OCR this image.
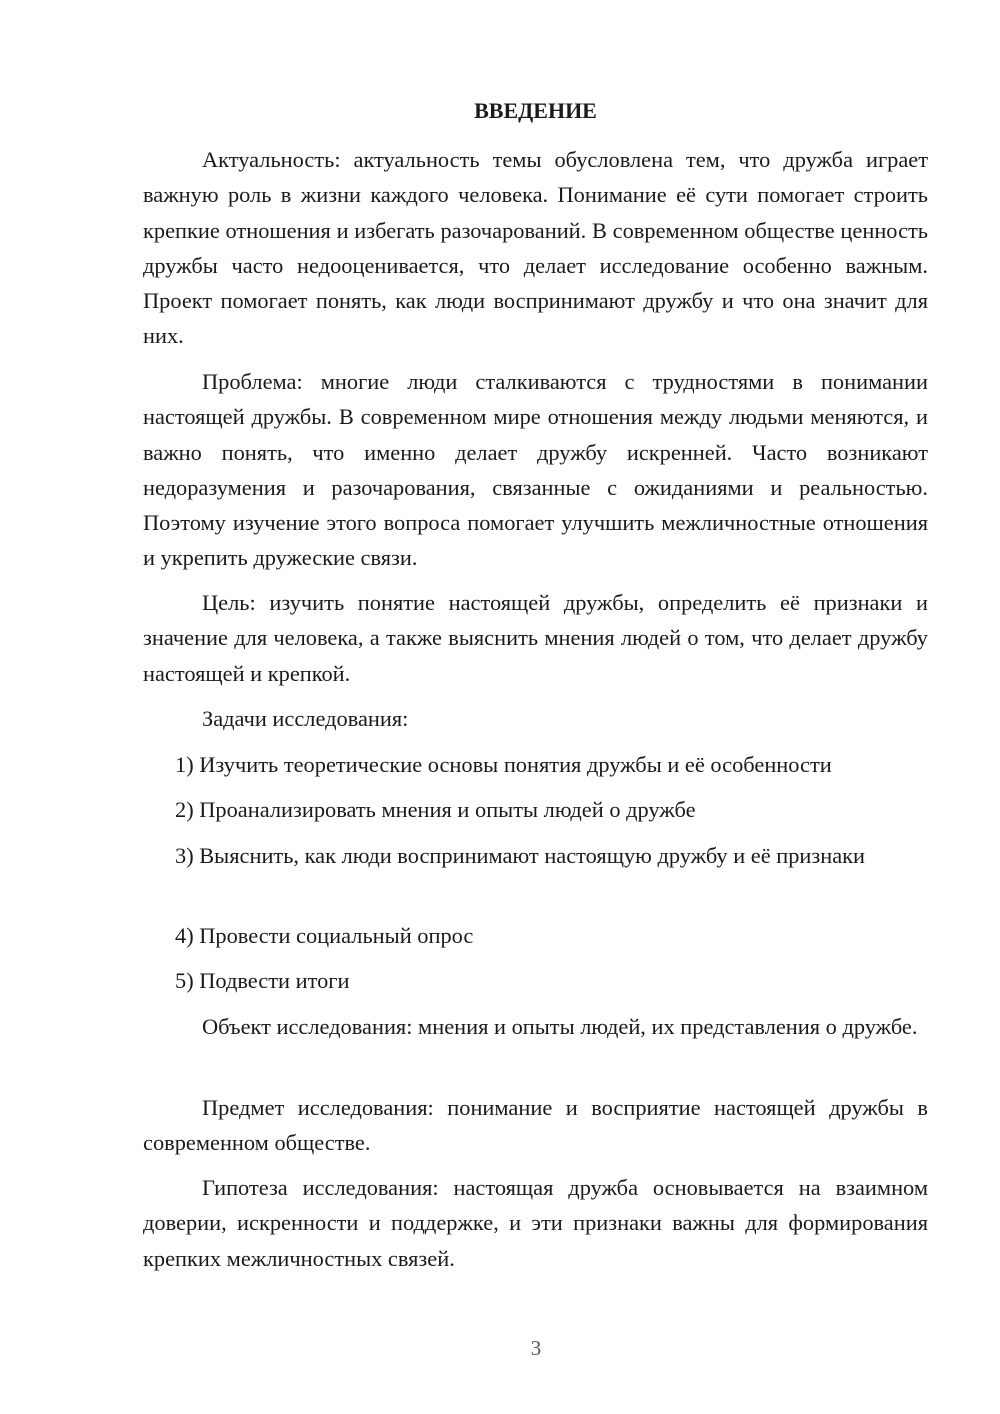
ВВЕДЕНИЕ

Актуальность: актуальность темы обусловлена тем, что дружба играет важную роль в жизни каждого человека. Понимание её сути помогает строить крепкие отношения и избегать разочарований. В современном обществе ценность дружбы часто недооценивается, что делает исследование особенно важным. Проект помогает понять, как люди воспринимают дружбу и что она значит для них.

Проблема: многие люди сталкиваются с трудностями в понимании настоящей дружбы. В современном мире отношения между людьми меняются, и важно понять, что именно делает дружбу искренней. Часто возникают недоразумения и разочарования, связанные с ожиданиями и реальностью. Поэтому изучение этого вопроса помогает улучшить межличностные отношения и укрепить дружеские связи.

Цель: изучить понятие настоящей дружбы, определить её признаки и значение для человека, а также выяснить мнения людей о том, что делает дружбу настоящей и крепкой.

Задачи исследования:

1) Изучить теоретические основы понятия дружбы и её особенности

2) Проанализировать мнения и опыты людей о дружбе

3) Выяснить, как люди воспринимают настоящую дружбу и её признаки

4) Провести социальный опрос

5) Подвести итоги

Объект исследования: мнения и опыты людей, их представления о дружбе.

Предмет исследования: понимание и восприятие настоящей дружбы в современном обществе.

Гипотеза исследования: настоящая дружба основывается на взаимном доверии, искренности и поддержке, и эти признаки важны для формирования крепких межличностных связей.

3
